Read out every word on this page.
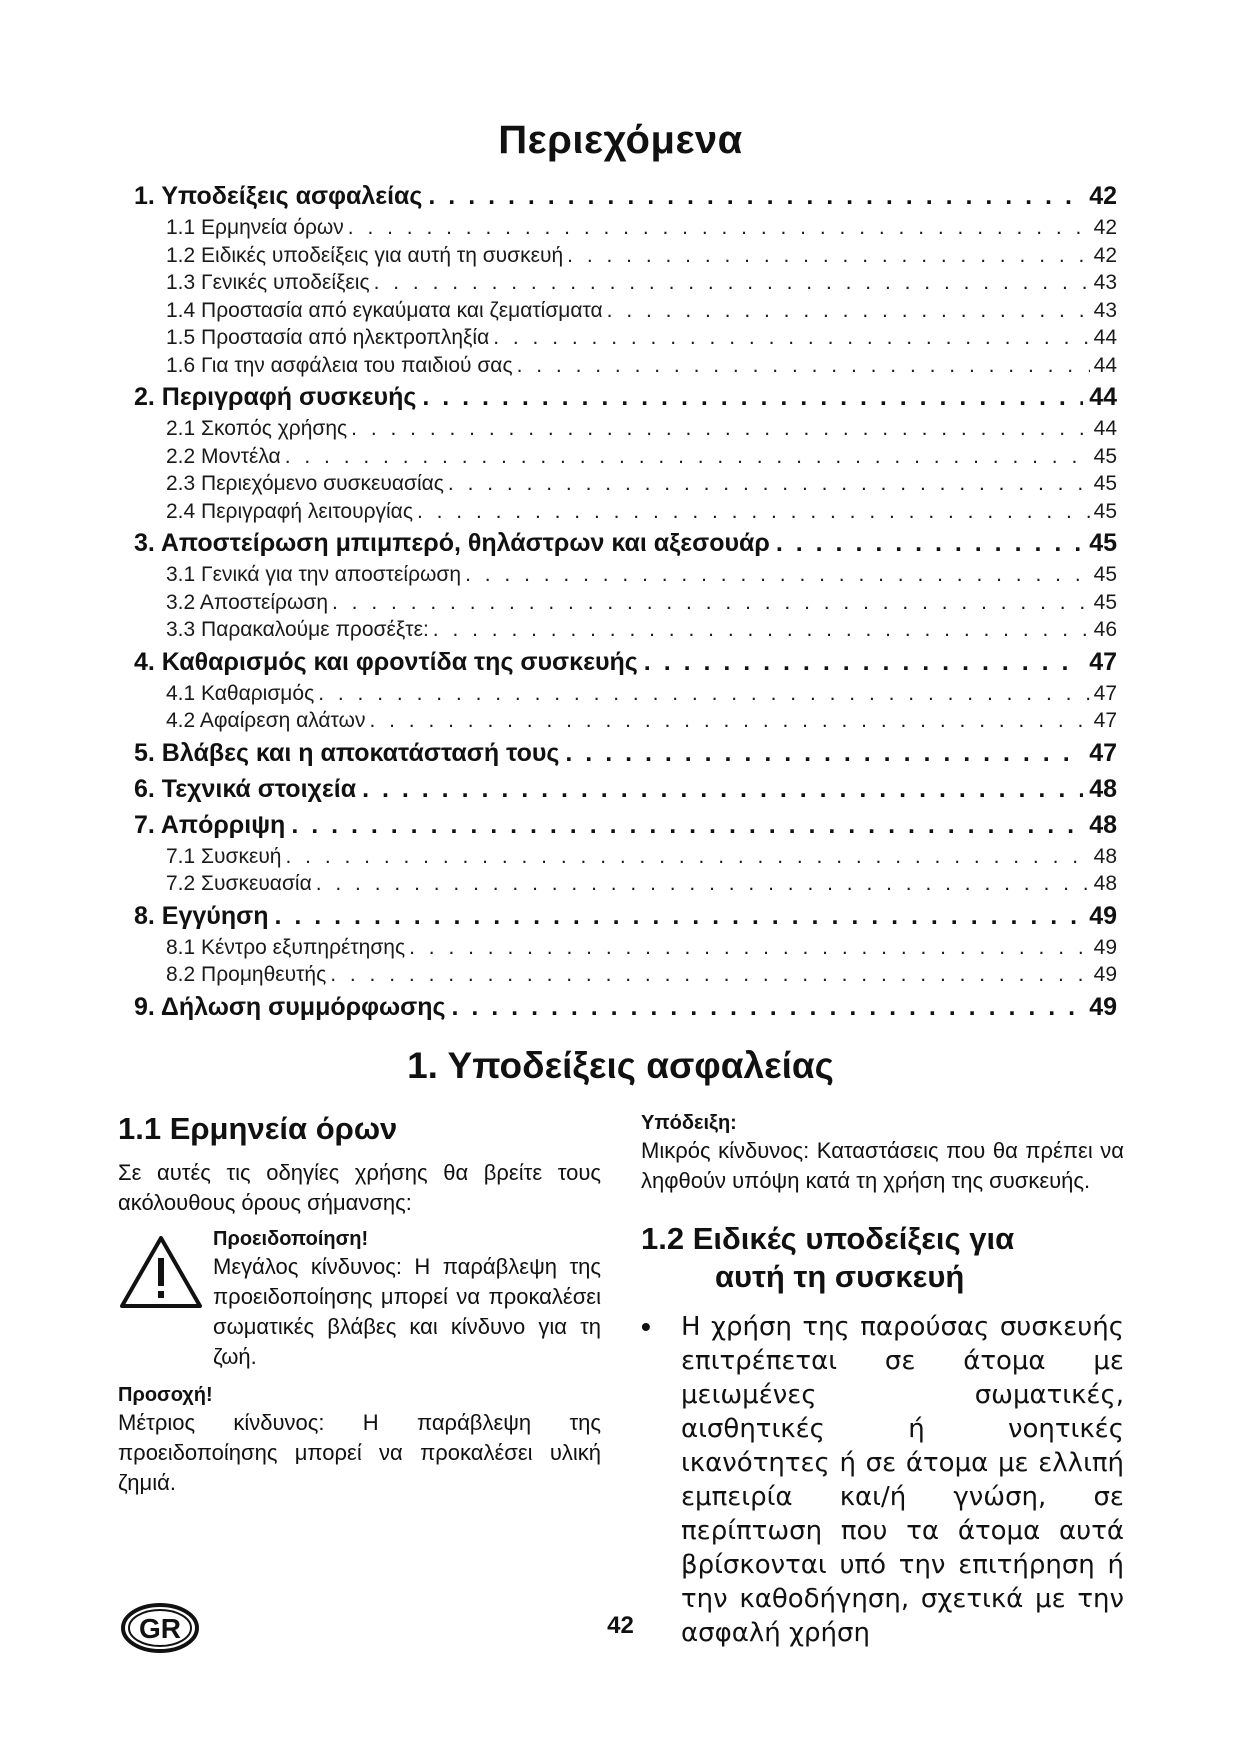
Περιεχόμενα
1. Υποδείξεις ασφαλείας . . .	42
1.1 Ερμηνεία όρων . . .	42
1.2 Ειδικές υποδείξεις για αυτή τη συσκευή . . .	42
1.3 Γενικές υποδείξεις . . .	43
1.4 Προστασία από εγκαύματα και ζεματίσματα . . .	43
1.5 Προστασία από ηλεκτροπληξία . . .	44
1.6 Για την ασφάλεια του παιδιού σας . . .	44
2. Περιγραφή συσκευής . . .	44
2.1 Σκοπός χρήσης . . .	44
2.2 Μοντέλα . . .	45
2.3 Περιεχόμενο συσκευασίας . . .	45
2.4 Περιγραφή λειτουργίας . . .	45
3. Αποστείρωση μπιμπερό, θηλάστρων και αξεσουάρ . . .	45
3.1 Γενικά για την αποστείρωση . . .	45
3.2 Αποστείρωση . . .	45
3.3 Παρακαλούμε προσέξτε: . . .	46
4. Καθαρισμός και φροντίδα της συσκευής . . .	47
4.1 Καθαρισμός . . .	47
4.2 Αφαίρεση αλάτων . . .	47
5. Βλάβες και η αποκατάστασή τους . . .	47
6. Τεχνικά στοιχεία . . .	48
7. Απόρριψη . . .	48
7.1 Συσκευή . . .	48
7.2 Συσκευασία . . .	48
8. Εγγύηση . . .	49
8.1 Κέντρο εξυπηρέτησης . . .	49
8.2 Προμηθευτής . . .	49
9. Δήλωση συμμόρφωσης . . .	49
1. Υποδείξεις ασφαλείας
1.1 Ερμηνεία όρων

Σε αυτές τις οδηγίες χρήσης θα βρείτε τους ακόλουθους όρους σήμανσης:

Προειδοποίηση!

Μεγάλος κίνδυνος: Η παράβλεψη της προειδοποίησης μπορεί να προκαλέσει σωματικές βλάβες και κίνδυνο για τη ζωή.

Προσοχή!

Μέτριος κίνδυνος: Η παράβλεψη της προειδοποίησης μπορεί να προκαλέσει υλική ζημιά.

Υπόδειξη:

Μικρός κίνδυνος: Καταστάσεις που θα πρέπει να ληφθούν υπόψη κατά τη χρήση της συσκευής.

1.2 Ειδικές υποδείξεις για
αυτή τη συσκευή
• Η χρήση της παρούσας συσκευής επιτρέπεται σε άτομα με μειωμένες σωματικές, αισθητικές ή νοητικές ικανότητες ή σε άτομα με ελλιπή εμπειρία και/ή γνώση, σε περίπτωση που τα άτομα αυτά βρίσκονται υπό την επιτήρηση ή την καθοδήγηση, σχετικά με την ασφαλή χρήση
GR	42
